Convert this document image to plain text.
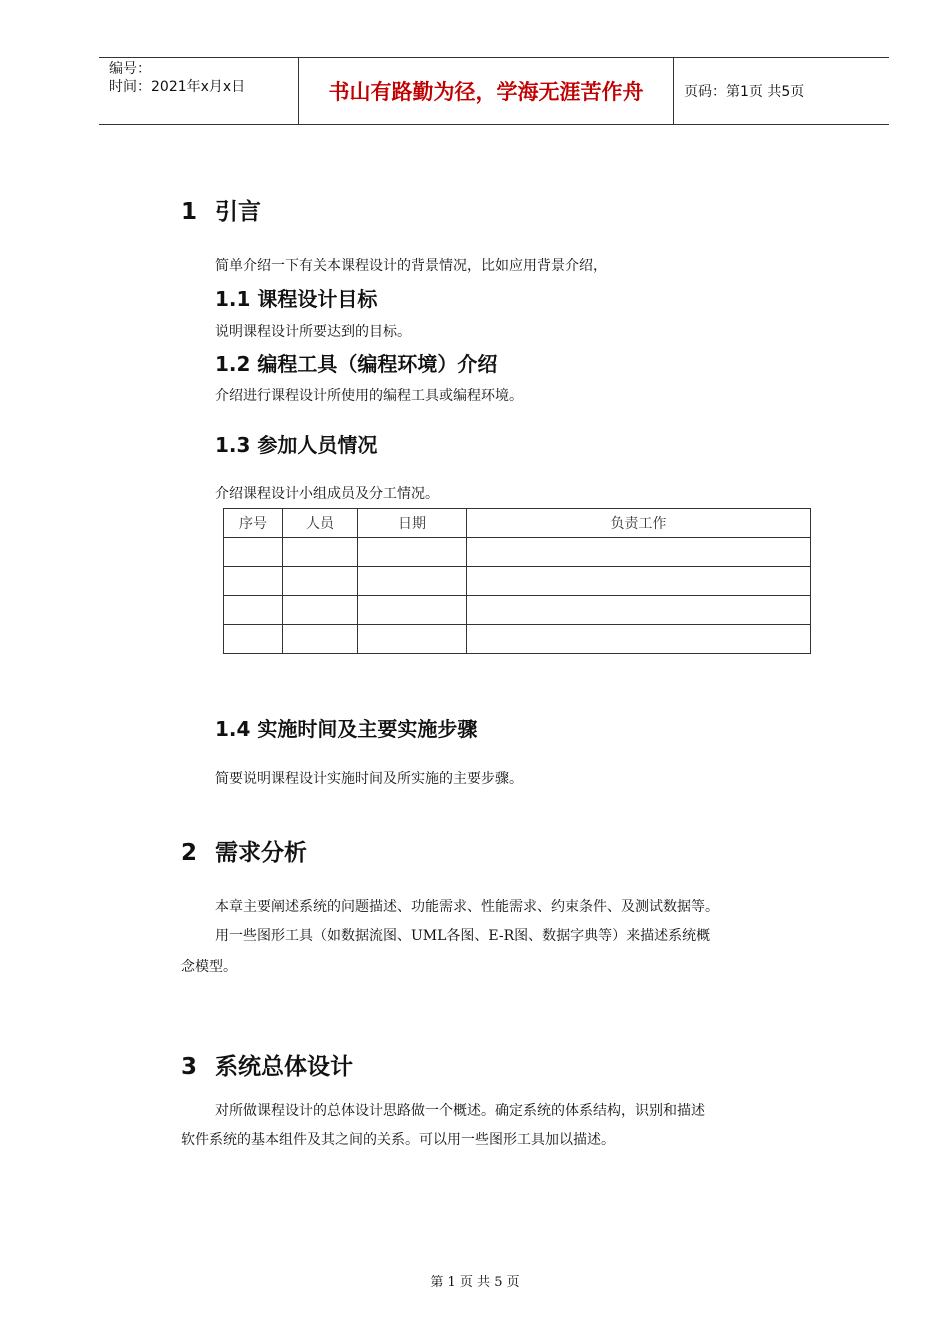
编号：
时间：2021年x月x日	书山有路勤为径，学海无涯苦作舟	页码：第1页 共5页
1 引言
简单介绍一下有关本课程设计的背景情况，比如应用背景介绍，
1.1 课程设计目标
说明课程设计所要达到的目标。
1.2 编程工具（编程环境）介绍
介绍进行课程设计所使用的编程工具或编程环境。
1.3 参加人员情况
介绍课程设计小组成员及分工情况。
序号	人员	日期	负责工作

1.4 实施时间及主要实施步骤
简要说明课程设计实施时间及所实施的主要步骤。
2 需求分析
本章主要阐述系统的问题描述、功能需求、性能需求、约束条件、及测试数据等。
用一些图形工具（如数据流图、UML各图、E-R图、数据字典等）来描述系统概
念模型。
3 系统总体设计
对所做课程设计的总体设计思路做一个概述。确定系统的体系结构，识别和描述
软件系统的基本组件及其之间的关系。可以用一些图形工具加以描述。
第 1 页 共 5 页
